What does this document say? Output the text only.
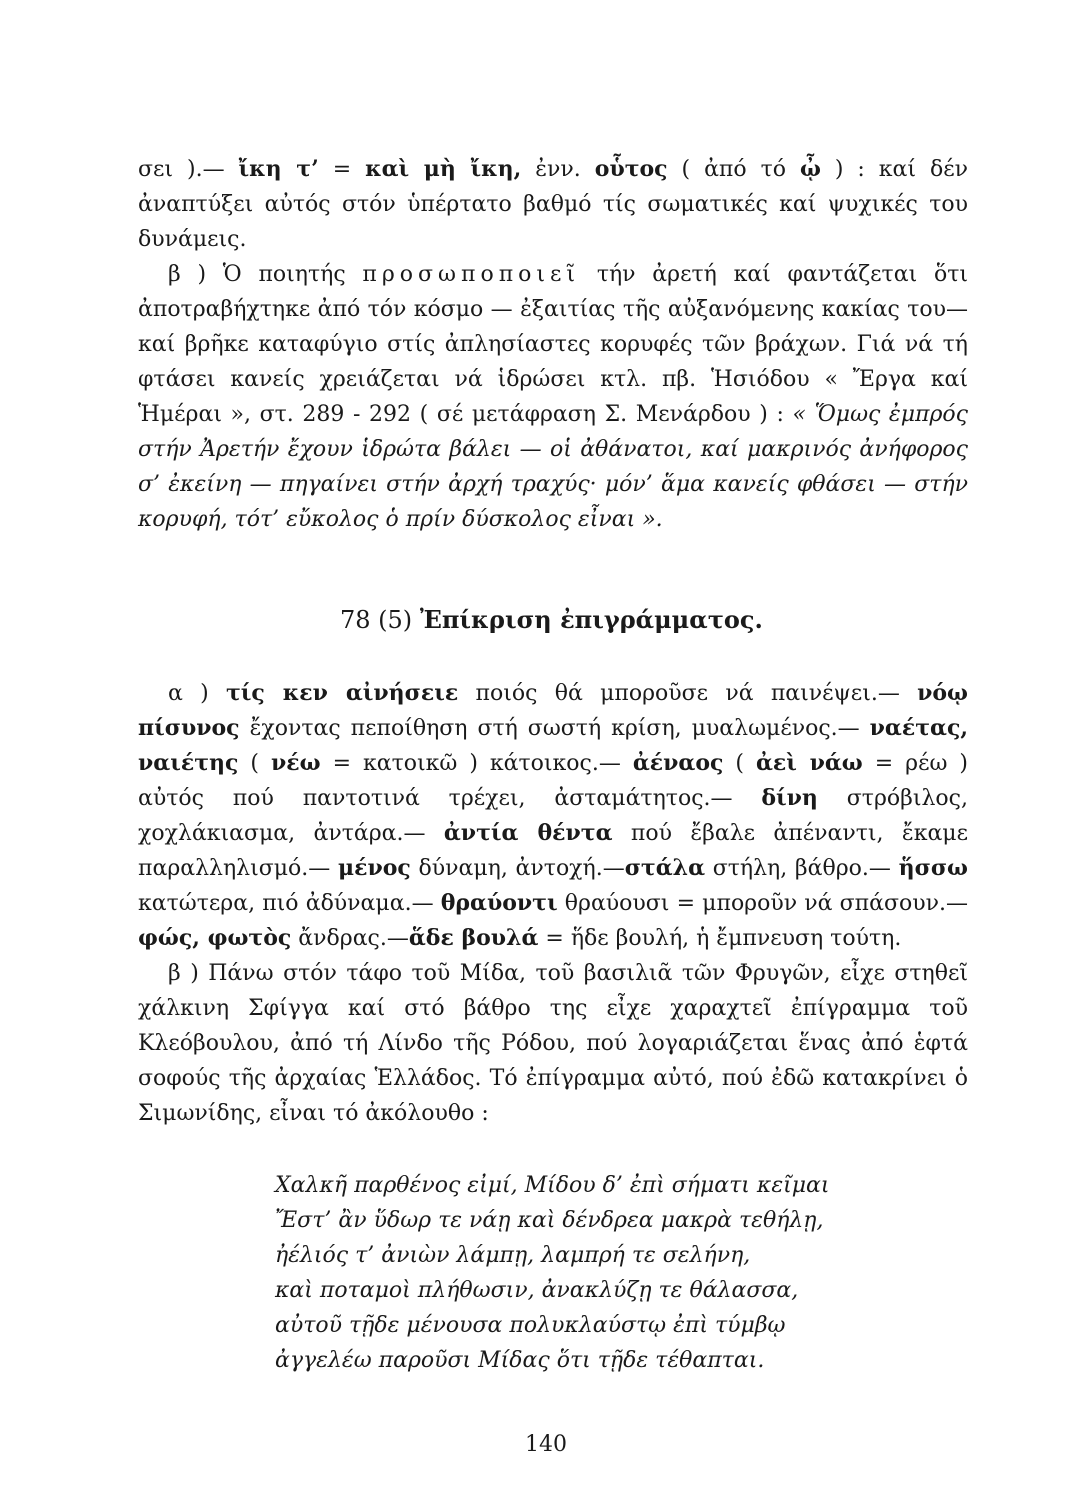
σει ).— ἴκη τ’ = καὶ μὴ ἴκη, ἐνν. οὗτος ( ἀπό τό ᾦ ) : καί δέν ἀναπτύξει αὐτός στόν ὑπέρτατο βαθμό τίς σωματικές καί ψυχικές του δυνάμεις.

β ) Ὁ ποιητής προσωποποιεῖ τήν ἀρετή καί φαντάζεται ὅτι ἀποτραβήχτηκε ἀπό τόν κόσμο — ἐξαιτίας τῆς αὐξανόμενης κακίας του— καί βρῆκε καταφύγιο στίς ἀπλησίαστες κορυφές τῶν βράχων. Γιά νά τή φτάσει κανείς χρειάζεται νά ἱδρώσει κτλ. πβ. Ἡσιόδου « Ἔργα καί Ἡμέραι », στ. 289 - 292 ( σέ μετάφραση Σ. Μενάρδου ) : « Ὅμως ἐμπρός στήν Ἀρετήν ἔχουν ἱδρώτα βάλει — οἱ ἀθάνατοι, καί μακρινός ἀνήφορος σ’ ἐκείνη — πηγαίνει στήν ἀρχή τραχύς· μόν’ ἅμα κανείς φθάσει — στήν κορυφή, τότ’ εὔκολος ὁ πρίν δύσκολος εἶναι ».

78 (5) Ἐπίκριση ἐπιγράμματος.

α ) τίς κεν αἰνήσειε ποιός θά μποροῦσε νά παινέψει.— νόῳ πίσυνος ἔχοντας πεποίθηση στή σωστή κρίση, μυαλωμένος.— ναέτας, ναιέτης ( νέω = κατοικῶ ) κάτοικος.— ἀέναος ( ἀεὶ νάω = ρέω ) αὐτός πού παντοτινά τρέχει, ἀσταμάτητος.— δίνη στρόβιλος, χοχλάκιασμα, ἀντάρα.— ἀντία θέντα πού ἔβαλε ἀπέναντι, ἔκαμε παραλληλισμό.— μένος δύναμη, ἀντοχή.—στάλα στήλη, βάθρο.— ἥσσω κατώτερα, πιό ἀδύναμα.— θραύοντι θραύουσι = μποροῦν νά σπάσουν.— φώς, φωτὸς ἄνδρας.—ἅδε βουλά = ἥδε βουλή, ἡ ἔμπνευση τούτη.

β ) Πάνω στόν τάφο τοῦ Μίδα, τοῦ βασιλιᾶ τῶν Φρυγῶν, εἶχε στηθεῖ χάλκινη Σφίγγα καί στό βάθρο της εἶχε χαραχτεῖ ἐπίγραμμα τοῦ Κλεόβουλου, ἀπό τή Λίνδο τῆς Ρόδου, πού λογαριάζεται ἕνας ἀπό ἑφτά σοφούς τῆς ἀρχαίας Ἑλλάδος. Τό ἐπίγραμμα αὐτό, πού ἐδῶ κατακρίνει ὁ Σιμωνίδης, εἶναι τό ἀκόλουθο :

Χαλκῆ παρθένος εἰμί, Μίδου δ’ ἐπὶ σήματι κεῖμαι
Ἔστ’ ἂν ὕδωρ τε νάῃ καὶ δένδρεα μακρὰ τεθήλῃ,
ἠέλιός τ’ ἀνιὼν λάμπῃ, λαμπρή τε σελήνη,
καὶ ποταμοὶ πλήθωσιν, ἀνακλύζῃ τε θάλασσα,
αὐτοῦ τῇδε μένουσα πολυκλαύστῳ ἐπὶ τύμβῳ
ἀγγελέω παροῦσι Μίδας ὅτι τῇδε τέθαπται.
140
